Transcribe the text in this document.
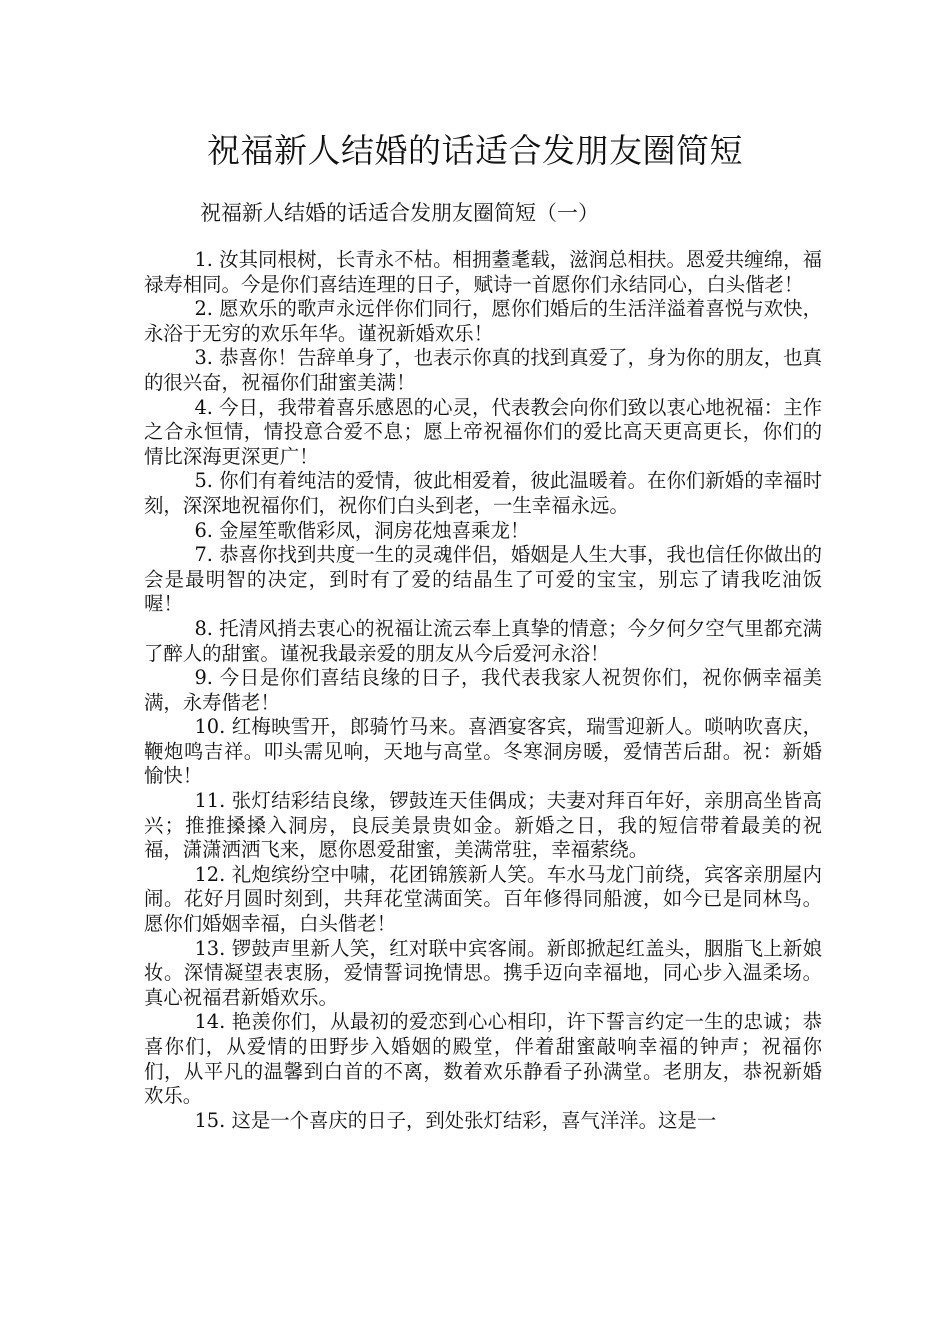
祝福新人结婚的话适合发朋友圈简短

祝福新人结婚的话适合发朋友圈简短（一）

1. 汝其同根树，长青永不枯。相拥耋耄载，滋润总相扶。恩爱共缠绵，福禄寿相同。今是你们喜结连理的日子，赋诗一首愿你们永结同心，白头偕老！

2. 愿欢乐的歌声永远伴你们同行，愿你们婚后的生活洋溢着喜悦与欢快，永浴于无穷的欢乐年华。谨祝新婚欢乐！

3. 恭喜你！告辞单身了，也表示你真的找到真爱了，身为你的朋友，也真的很兴奋，祝福你们甜蜜美满！

4. 今日，我带着喜乐感恩的心灵，代表教会向你们致以衷心地祝福：主作之合永恒情，情投意合爱不息；愿上帝祝福你们的爱比高天更高更长，你们的情比深海更深更广！

5. 你们有着纯洁的爱情，彼此相爱着，彼此温暖着。在你们新婚的幸福时刻，深深地祝福你们，祝你们白头到老，一生幸福永远。

6. 金屋笙歌偕彩凤，洞房花烛喜乘龙！

7. 恭喜你找到共度一生的灵魂伴侣，婚姻是人生大事，我也信任你做出的会是最明智的决定，到时有了爱的结晶生了可爱的宝宝，别忘了请我吃油饭喔！

8. 托清风捎去衷心的祝福让流云奉上真挚的情意；今夕何夕空气里都充满了醉人的甜蜜。谨祝我最亲爱的朋友从今后爱河永浴！

9. 今日是你们喜结良缘的日子，我代表我家人祝贺你们，祝你俩幸福美满，永寿偕老！

10. 红梅映雪开，郎骑竹马来。喜酒宴客宾，瑞雪迎新人。唢呐吹喜庆，鞭炮鸣吉祥。叩头需见响，天地与高堂。冬寒洞房暖，爱情苦后甜。祝：新婚愉快！

11. 张灯结彩结良缘，锣鼓连天佳偶成；夫妻对拜百年好，亲朋高坐皆高兴；推推搡搡入洞房，良辰美景贵如金。新婚之日，我的短信带着最美的祝福，潇潇洒洒飞来，愿你恩爱甜蜜，美满常驻，幸福萦绕。

12. 礼炮缤纷空中啸，花团锦簇新人笑。车水马龙门前绕，宾客亲朋屋内闹。花好月圆时刻到，共拜花堂满面笑。百年修得同船渡，如今已是同林鸟。愿你们婚姻幸福，白头偕老！

13. 锣鼓声里新人笑，红对联中宾客闹。新郎掀起红盖头，胭脂飞上新娘妆。深情凝望表衷肠，爱情誓词挽情思。携手迈向幸福地，同心步入温柔场。真心祝福君新婚欢乐。

14. 艳羡你们，从最初的爱恋到心心相印，许下誓言约定一生的忠诚；恭喜你们，从爱情的田野步入婚姻的殿堂，伴着甜蜜敲响幸福的钟声；祝福你们，从平凡的温馨到白首的不离，数着欢乐静看子孙满堂。老朋友，恭祝新婚欢乐。

15. 这是一个喜庆的日子，到处张灯结彩，喜气洋洋。这是一
